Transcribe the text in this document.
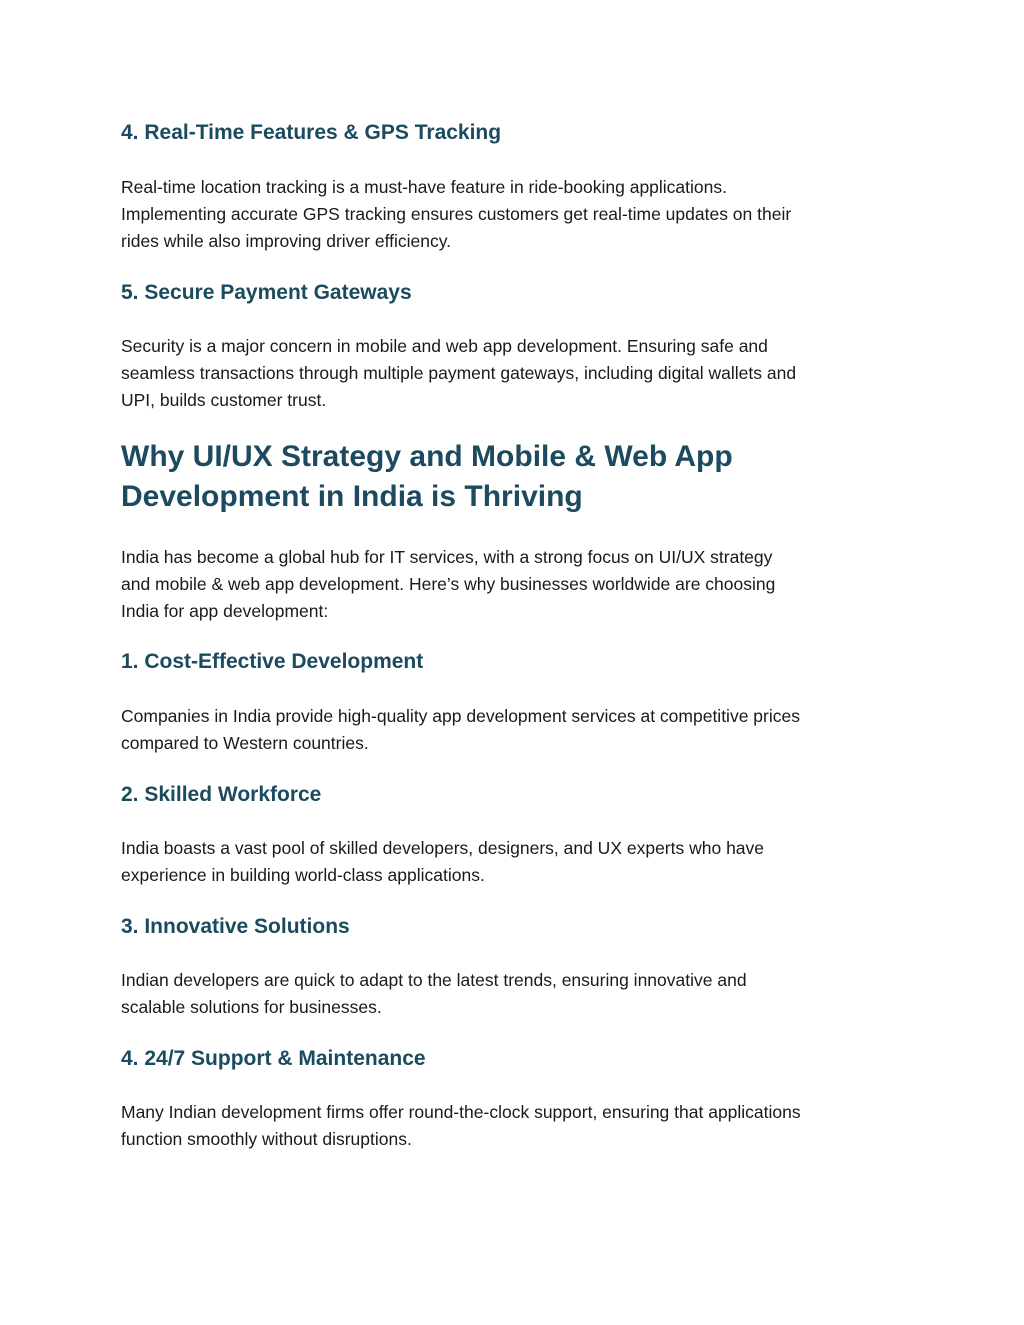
4. Real-Time Features & GPS Tracking

Real-time location tracking is a must-have feature in ride-booking applications.
Implementing accurate GPS tracking ensures customers get real-time updates on their
rides while also improving driver efficiency.

5. Secure Payment Gateways

Security is a major concern in mobile and web app development. Ensuring safe and
seamless transactions through multiple payment gateways, including digital wallets and
UPI, builds customer trust.

Why UI/UX Strategy and Mobile & Web App
Development in India is Thriving

India has become a global hub for IT services, with a strong focus on UI/UX strategy
and mobile & web app development. Here’s why businesses worldwide are choosing
India for app development:

1. Cost-Effective Development

Companies in India provide high-quality app development services at competitive prices
compared to Western countries.

2. Skilled Workforce

India boasts a vast pool of skilled developers, designers, and UX experts who have
experience in building world-class applications.

3. Innovative Solutions

Indian developers are quick to adapt to the latest trends, ensuring innovative and
scalable solutions for businesses.

4. 24/7 Support & Maintenance

Many Indian development firms offer round-the-clock support, ensuring that applications
function smoothly without disruptions.
